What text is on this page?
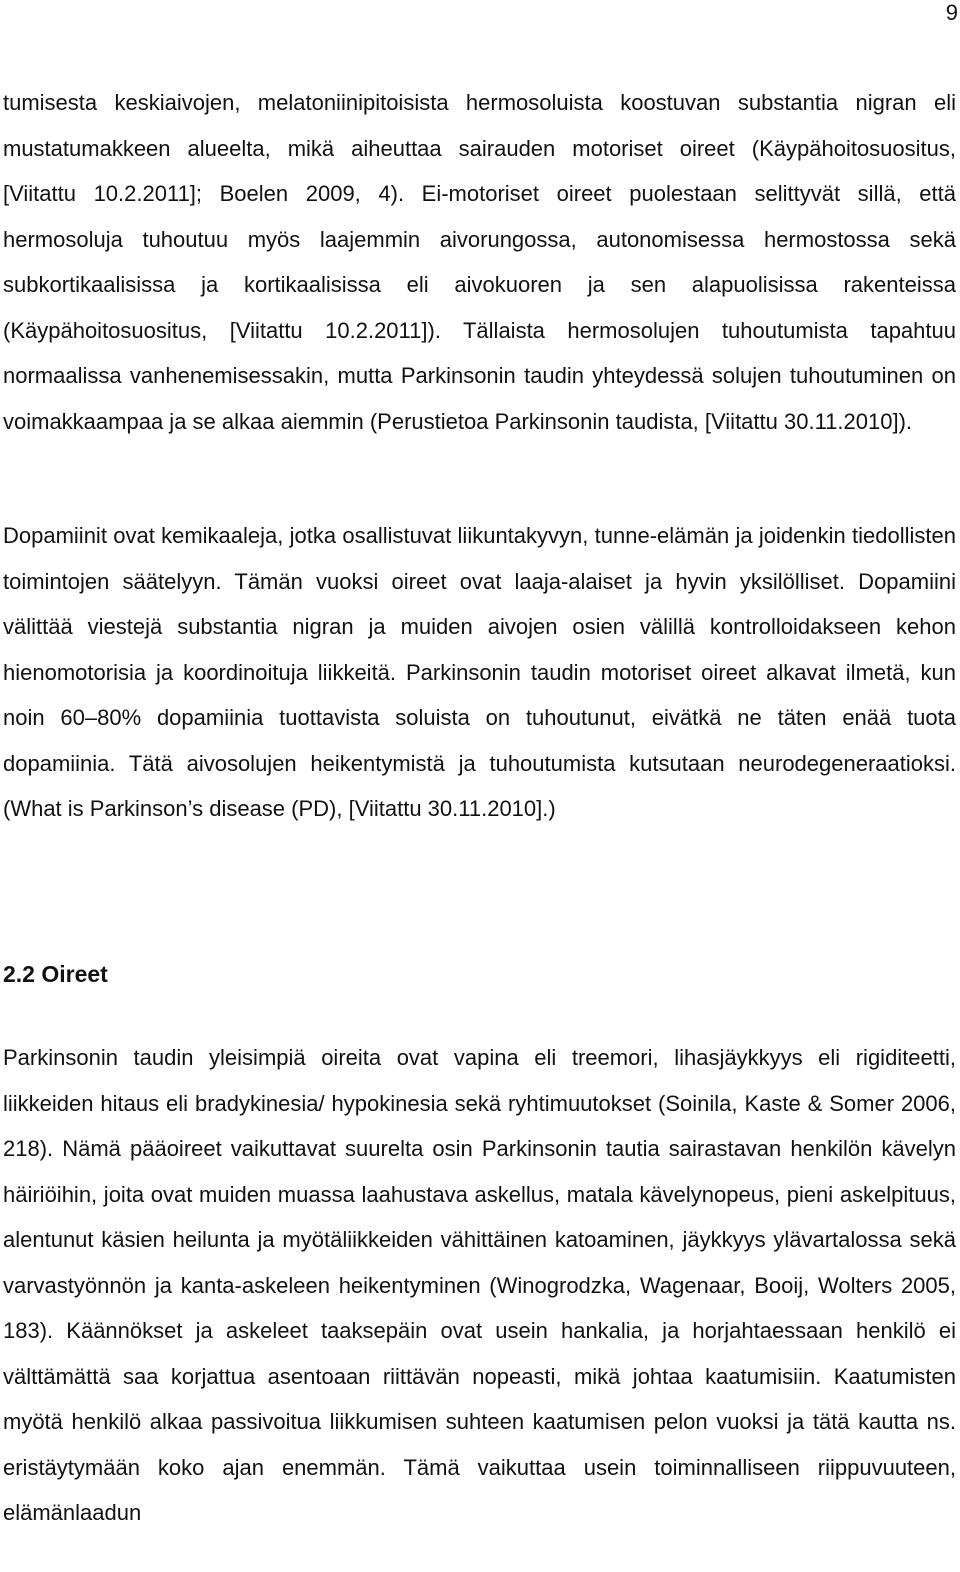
9

tumisesta keskiaivojen, melatoniinipitoisista hermosoluista koostuvan substantia nigran eli mustatumakkeen alueelta, mikä aiheuttaa sairauden motoriset oireet (Käypähoitosuositus, [Viitattu 10.2.2011]; Boelen 2009, 4). Ei-motoriset oireet puolestaan selittyvät sillä, että hermosoluja tuhoutuu myös laajemmin aivorungossa, autonomisessa hermostossa sekä subkortikaalisissa ja kortikaalisissa eli aivokuoren ja sen alapuolisissa rakenteissa (Käypähoitosuositus, [Viitattu 10.2.2011]). Tällaista hermosolujen tuhoutumista tapahtuu normaalissa vanhenemisessakin, mutta Parkinsonin taudin yhteydessä solujen tuhoutuminen on voimakkaampaa ja se alkaa aiemmin (Perustietoa Parkinsonin taudista, [Viitattu 30.11.2010]).

Dopamiinit ovat kemikaaleja, jotka osallistuvat liikuntakyvyn, tunne-elämän ja joidenkin tiedollisten toimintojen säätelyyn. Tämän vuoksi oireet ovat laaja-alaiset ja hyvin yksilölliset. Dopamiini välittää viestejä substantia nigran ja muiden aivojen osien välillä kontrolloidakseen kehon hienomotorisia ja koordinoituja liikkeitä. Parkinsonin taudin motoriset oireet alkavat ilmetä, kun noin 60–80% dopamiinia tuottavista soluista on tuhoutunut, eivätkä ne täten enää tuota dopamiinia. Tätä aivosolujen heikentymistä ja tuhoutumista kutsutaan neurodegeneraatioksi. (What is Parkinson’s disease (PD), [Viitattu 30.11.2010].)

2.2 Oireet

Parkinsonin taudin yleisimpiä oireita ovat vapina eli treemori, lihasjäykkyys eli rigiditeetti, liikkeiden hitaus eli bradykinesia/ hypokinesia sekä ryhtimuutokset (Soinila, Kaste & Somer 2006, 218). Nämä pääoireet vaikuttavat suurelta osin Parkinsonin tautia sairastavan henkilön kävelyn häiriöihin, joita ovat muiden muassa laahustava askellus, matala kävelynopeus, pieni askelpituus, alentunut käsien heilunta ja myötäliikkeiden vähittäinen katoaminen, jäykkyys ylävartalossa sekä varvastyönnön ja kanta-askeleen heikentyminen (Winogrodzka, Wagenaar, Booij, Wolters 2005, 183). Käännökset ja askeleet taaksepäin ovat usein hankalia, ja horjahtaessaan henkilö ei välttämättä saa korjattua asentoaan riittävän nopeasti, mikä johtaa kaatumisiin. Kaatumisten myötä henkilö alkaa passivoitua liikkumisen suhteen kaatumisen pelon vuoksi ja tätä kautta ns. eristäytymään koko ajan enemmän. Tämä vaikuttaa usein toiminnalliseen riippuvuuteen, elämänlaadun
